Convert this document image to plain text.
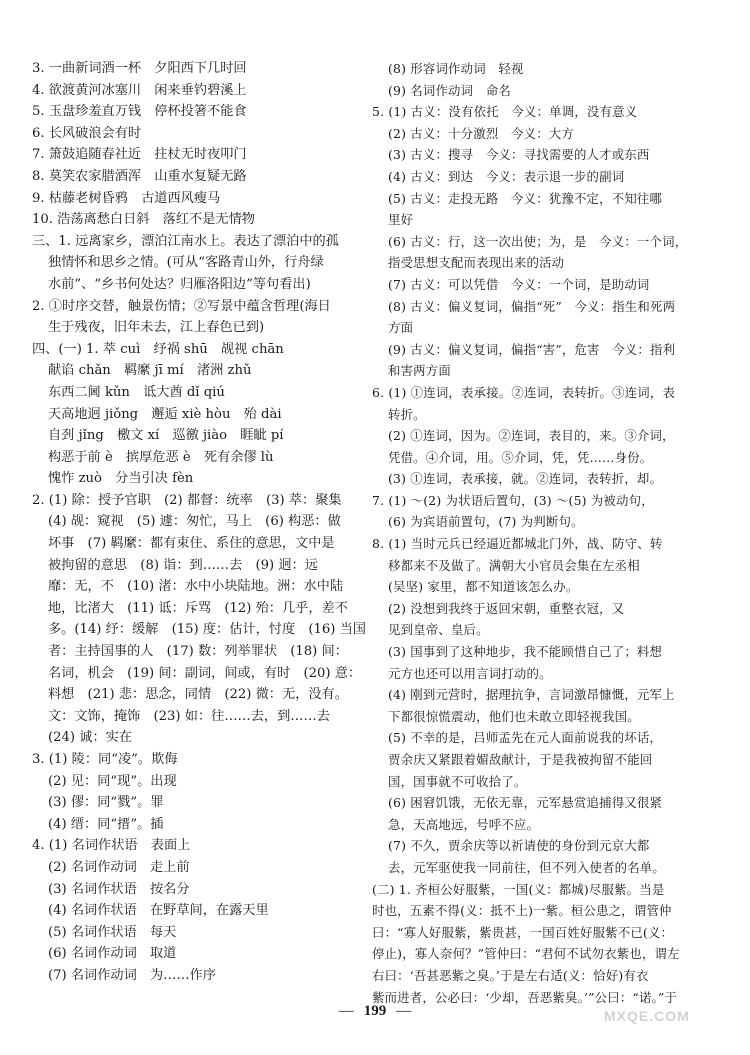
3. 一曲新词酒一杯　夕阳西下几时回
4. 欲渡黄河冰塞川　闲来垂钓碧溪上
5. 玉盘珍羞直万钱　停杯投箸不能食
6. 长风破浪会有时
7. 箫鼓追随春社近　拄杖无时夜叩门
8. 莫笑农家腊酒浑　山重水复疑无路
9. 枯藤老树昏鸦　古道西风瘦马
10. 浩荡离愁白日斜　落红不是无情物
三、1. 远离家乡，漂泊江南水上。表达了漂泊中的孤
独情怀和思乡之情。(可从“客路青山外，行舟绿
水前”、“乡书何处达？归雁洛阳边”等句看出)
2. ①时序交替，触景伤情；②写景中蕴含哲理(海日
生于残夜，旧年未去，江上春色已到)
四、(一) 1. 萃 cuì　纾祸 shū　觇视 chān
献谄 chǎn　羁縻 jī mí　渚洲 zhǔ
东西二阃 kǔn　诋大酋 dǐ qiú
天高地迥 jiǒng　邂逅 xiè hòu　殆 dài
自刭 jǐng　檄文 xí　巡徼 jiào　睚眦 pí
构恶于前 è　摈厚危恶 è　死有余僇 lù
愧怍 zuò　分当引决 fèn
2. (1) 除：授予官职　(2) 都督：统率　(3) 萃：聚集
(4) 觇：窥视　(5) 遽：匆忙，马上　(6) 构恶：做
坏事　(7) 羁縻：都有束住、系住的意思，文中是
被拘留的意思　(8) 诣：到……去　(9) 迥：远
靡：无，不　(10) 渚：水中小块陆地。洲：水中陆
地，比渚大　(11) 诋：斥骂　(12) 殆：几乎，差不
多。(14) 纾：缓解　(15) 度：估计，忖度　(16) 当国
者：主持国事的人　(17) 数：列举罪状　(18) 间：
名词，机会　(19) 间：副词，间或，有时　(20) 意：
料想　(21) 悲：思念，同情　(22) 微：无，没有。
文：文饰，掩饰　(23) 如：往……去，到……去
(24) 诚：实在
3. (1) 陵：同“凌”。欺侮
(2) 见：同“现”。出现
(3) 僇：同“戮”。罪
(4) 缙：同“搢”。插
4. (1) 名词作状语　表面上
(2) 名词作动词　走上前
(3) 名词作状语　按名分
(4) 名词作状语　在野草间，在露天里
(5) 名词作状语　每天
(6) 名词作动词　取道
(7) 名词作动词　为……作序
(8) 形容词作动词　轻视
(9) 名词作动词　命名
5. (1) 古义：没有依托　今义：单调，没有意义
(2) 古义：十分激烈　今义：大方
(3) 古义：搜寻　今义：寻找需要的人才或东西
(4) 古义：到达　今义：表示退一步的副词
(5) 古义：走投无路　今义：犹豫不定，不知往哪
里好
(6) 古义：行，这一次出使；为，是　今义：一个词，
指受思想支配而表现出来的活动
(7) 古义：可以凭借　今义：一个词，是助动词
(8) 古义：偏义复词，偏指“死”　今义：指生和死两
方面
(9) 古义：偏义复词，偏指“害”，危害　今义：指利
和害两方面
6. (1) ①连词，表承接。②连词，表转折。③连词，表
转折。
(2) ①连词，因为。②连词，表目的，来。③介词，
凭借。④介词，用。⑤介词，凭，凭……身份。
(3) ①连词，表承接，就。②连词，表转折，却。
7. (1) ～(2) 为状语后置句，(3) ～(5) 为被动句，
(6) 为宾语前置句，(7) 为判断句。
8. (1) 当时元兵已经逼近都城北门外，战、防守、转
移都来不及做了。满朝大小官员会集在左丞相
(吴坚) 家里，都不知道该怎么办。
(2) 没想到我终于返回宋朝，重整衣冠，又
见到皇帝、皇后。
(3) 国事到了这种地步，我不能顾惜自己了；料想
元方也还可以用言词打动的。
(4) 刚到元营时，据理抗争，言词激昂慷慨，元军上
下都很惊慌震动，他们也未敢立即轻视我国。
(5) 不幸的是，吕师孟先在元人面前说我的坏话，
贾余庆又紧跟着媚敌献计，于是我被拘留不能回
国，国事就不可收拾了。
(6) 困窘饥饿，无依无靠，元军悬赏追捕得又很紧
急，天高地远，号呼不应。
(7) 不久，贾余庆等以祈请使的身份到元京大都
去，元军驱使我一同前往，但不列入使者的名单。
(二) 1. 齐桓公好服紫，一国(义：都城)尽服紫。当是
时也，五素不得(义：抵不上)一紫。桓公患之，谓管仲
曰：“寡人好服紫，紫贵甚，一国百姓好服紫不已(义：
停止)，寡人奈何？”管仲曰：“君何不试勿衣紫也，谓左
右曰：‘吾甚恶紫之臭。’于是左右适(义：恰好)有衣
紫而进者，公必曰：‘少却，吾恶紫臭。’”公曰：“诺。”于
— 199 —	MXQE.COM
